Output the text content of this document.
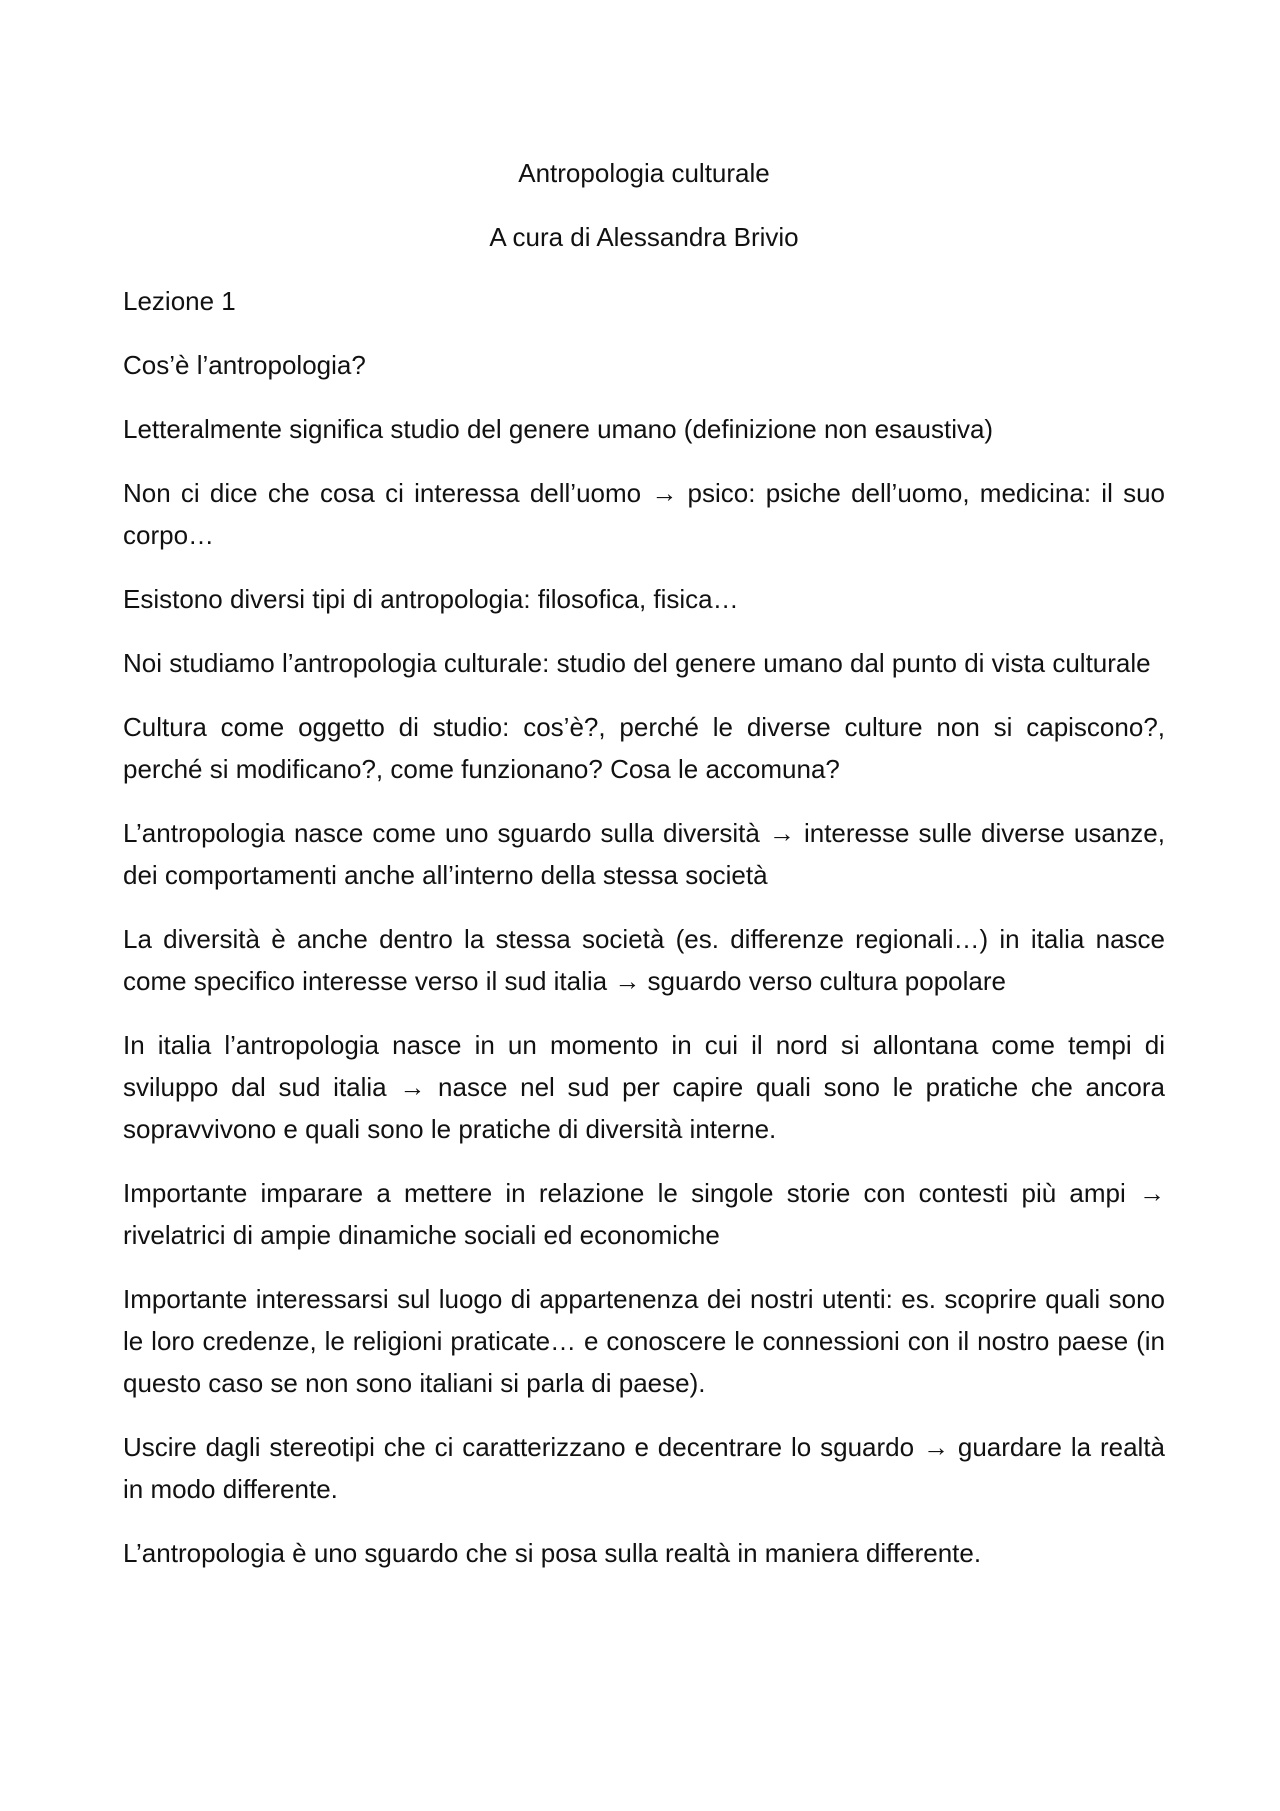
Antropologia culturale

A cura di Alessandra Brivio

Lezione 1

Cos’è l’antropologia?

Letteralmente significa studio del genere umano (definizione non esaustiva)

Non ci dice che cosa ci interessa dell’uomo → psico: psiche dell’uomo, medicina: il suo corpo…

Esistono diversi tipi di antropologia: filosofica, fisica…

Noi studiamo l’antropologia culturale: studio del genere umano dal punto di vista culturale

Cultura come oggetto di studio: cos’è?, perché le diverse culture non si capiscono?, perché si modificano?, come funzionano? Cosa le accomuna?

L’antropologia nasce come uno sguardo sulla diversità → interesse sulle diverse usanze, dei comportamenti anche all’interno della stessa società

La diversità è anche dentro la stessa società (es. differenze regionali…) in italia nasce come specifico interesse verso il sud italia → sguardo verso cultura popolare

In italia l’antropologia nasce in un momento in cui il nord si allontana come tempi di sviluppo dal sud italia → nasce nel sud per capire quali sono le pratiche che ancora sopravvivono e quali sono le pratiche di diversità interne.

Importante imparare a mettere in relazione le singole storie con contesti più ampi → rivelatrici di ampie dinamiche sociali ed economiche

Importante interessarsi sul luogo di appartenenza dei nostri utenti: es. scoprire quali sono le loro credenze, le religioni praticate… e conoscere le connessioni con il nostro paese (in questo caso se non sono italiani si parla di paese).

Uscire dagli stereotipi che ci caratterizzano e decentrare lo sguardo → guardare la realtà in modo differente.

L’antropologia è uno sguardo che si posa sulla realtà in maniera differente.
